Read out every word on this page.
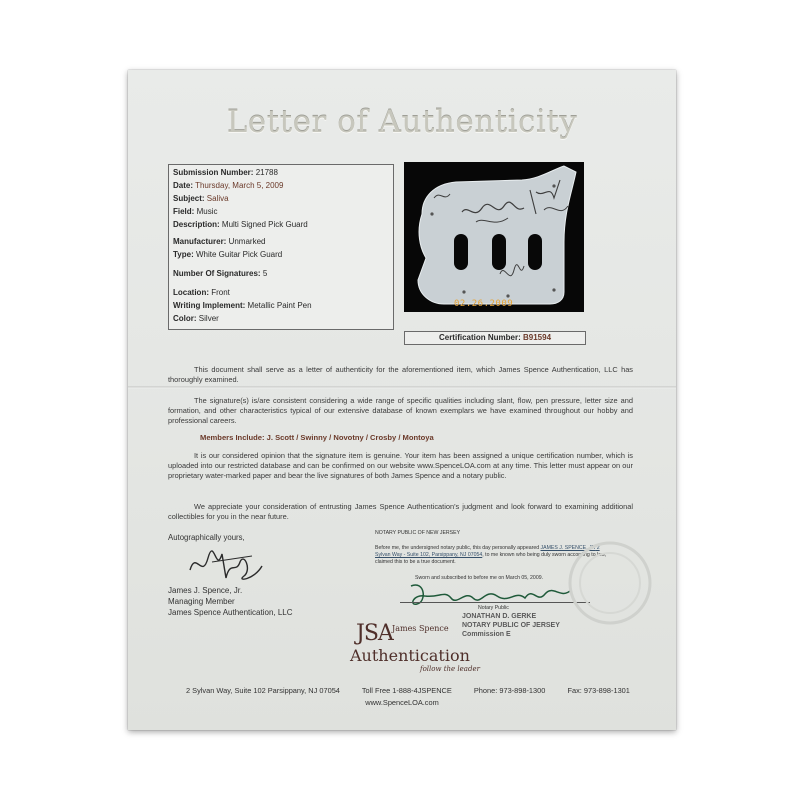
Letter of Authenticity
Submission Number: 21788
Date: Thursday, March 5, 2009
Subject: Saliva
Field: Music
Description: Multi Signed Pick Guard
Manufacturer: Unmarked
Type: White Guitar Pick Guard
Number Of Signatures: 5
Location: Front
Writing Implement: Metallic Paint Pen
Color: Silver
02.26.2009
Certification Number: B91594
This document shall serve as a letter of authenticity for the aforementioned item, which James Spence Authentication, LLC has thoroughly examined.
The signature(s) is/are consistent considering a wide range of specific qualities including slant, flow, pen pressure, letter size and formation, and other characteristics typical of our extensive database of known exemplars we have examined throughout our hobby and professional careers.
Members Include: J. Scott / Swinny / Novotny / Crosby / Montoya
It is our considered opinion that the signature item is genuine. Your item has been assigned a unique certification number, which is uploaded into our restricted database and can be confirmed on our website www.SpenceLOA.com at any time. This letter must appear on our proprietary water-marked paper and bear the live signatures of both James Spence and a notary public.
We appreciate your consideration of entrusting James Spence Authentication’s judgment and look forward to examining additional collectibles for you in the near future.
Autographically yours,
James J. Spence, Jr.
Managing Member
James Spence Authentication, LLC
NOTARY PUBLIC OF NEW JERSEY
Before me, the undersigned notary public, this day personally appeared JAMES J. SPENCE, JR 2 Sylvan Way - Suite 102, Parsippany, NJ 07054, to me known who being duly sworn according to law, claimed this to be a true document.
Sworn and subscribed to before me on March 05, 2009.
Notary Public
JONATHAN D. GERKE
NOTARY PUBLIC OF JERSEY
Commission E
JSA James Spence
Authentication
follow the leader
2 Sylvan Way, Suite 102 Parsippany, NJ 07054	Toll Free 1-888-4JSPENCE	Phone: 973-898-1300	Fax: 973-898-1301
www.SpenceLOA.com
